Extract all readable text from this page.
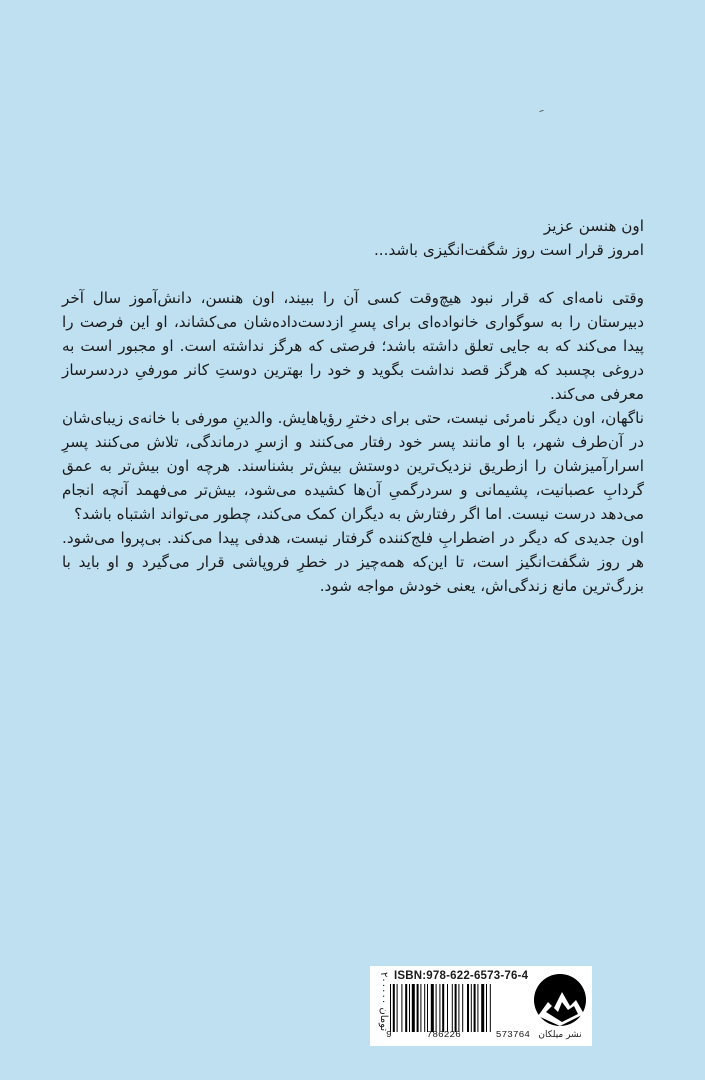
اون هنسن عزیز

امروز قرار است روز شگفت‌انگیزی باشد...

وقتی نامه‌ای که قرار نبود هیچ‌وقت کسی آن را ببیند، اون هنسن، دانش‌آموز سال آخر دبیرستان را به سوگواری خانواده‌ای برای پسرِ ازدست‌داده‌شان می‌کشاند، او این فرصت را پیدا می‌کند که به جایی تعلق داشته باشد؛ فرصتی که هرگز نداشته است. او مجبور است به دروغی بچسبد که هرگز قصد نداشت بگوید و خود را بهترین دوستِ کانر مورفیِ دردسرساز معرفی می‌کند.

ناگهان، اون دیگر نامرئی نیست، حتی برای دخترِ رؤیاهایش. والدینِ مورفی با خانه‌ی زیبای‌شان در آن‌طرف شهر، با او مانند پسر خود رفتار می‌کنند و ازسرِ درماندگی، تلاش می‌کنند پسرِ اسرارآمیزشان را ازطریق نزدیک‌ترین دوستش بیش‌تر بشناسند. هرچه اون بیش‌تر به عمق گردابِ عصبانیت، پشیمانی و سردرگمیِ آن‌ها کشیده می‌شود، بیش‌تر می‌فهمد آنچه انجام می‌دهد درست نیست. اما اگر رفتارش به دیگران کمک می‌کند، چطور می‌تواند اشتباه باشد؟

اون جدیدی که دیگر در اضطرابِ فلج‌کننده گرفتار نیست، هدفی پیدا می‌کند. بی‌پروا می‌شود. هر روز شگفت‌انگیز است، تا این‌که همه‌چیز در خطرِ فروپاشی قرار می‌گیرد و او باید با بزرگ‌ترین مانع زندگی‌اش، یعنی خودش مواجه شود.

۲۰۰۰۰۰ تومان
ISBN:978-622-6573-76-4
9	786226	573764 نشر میلکان
